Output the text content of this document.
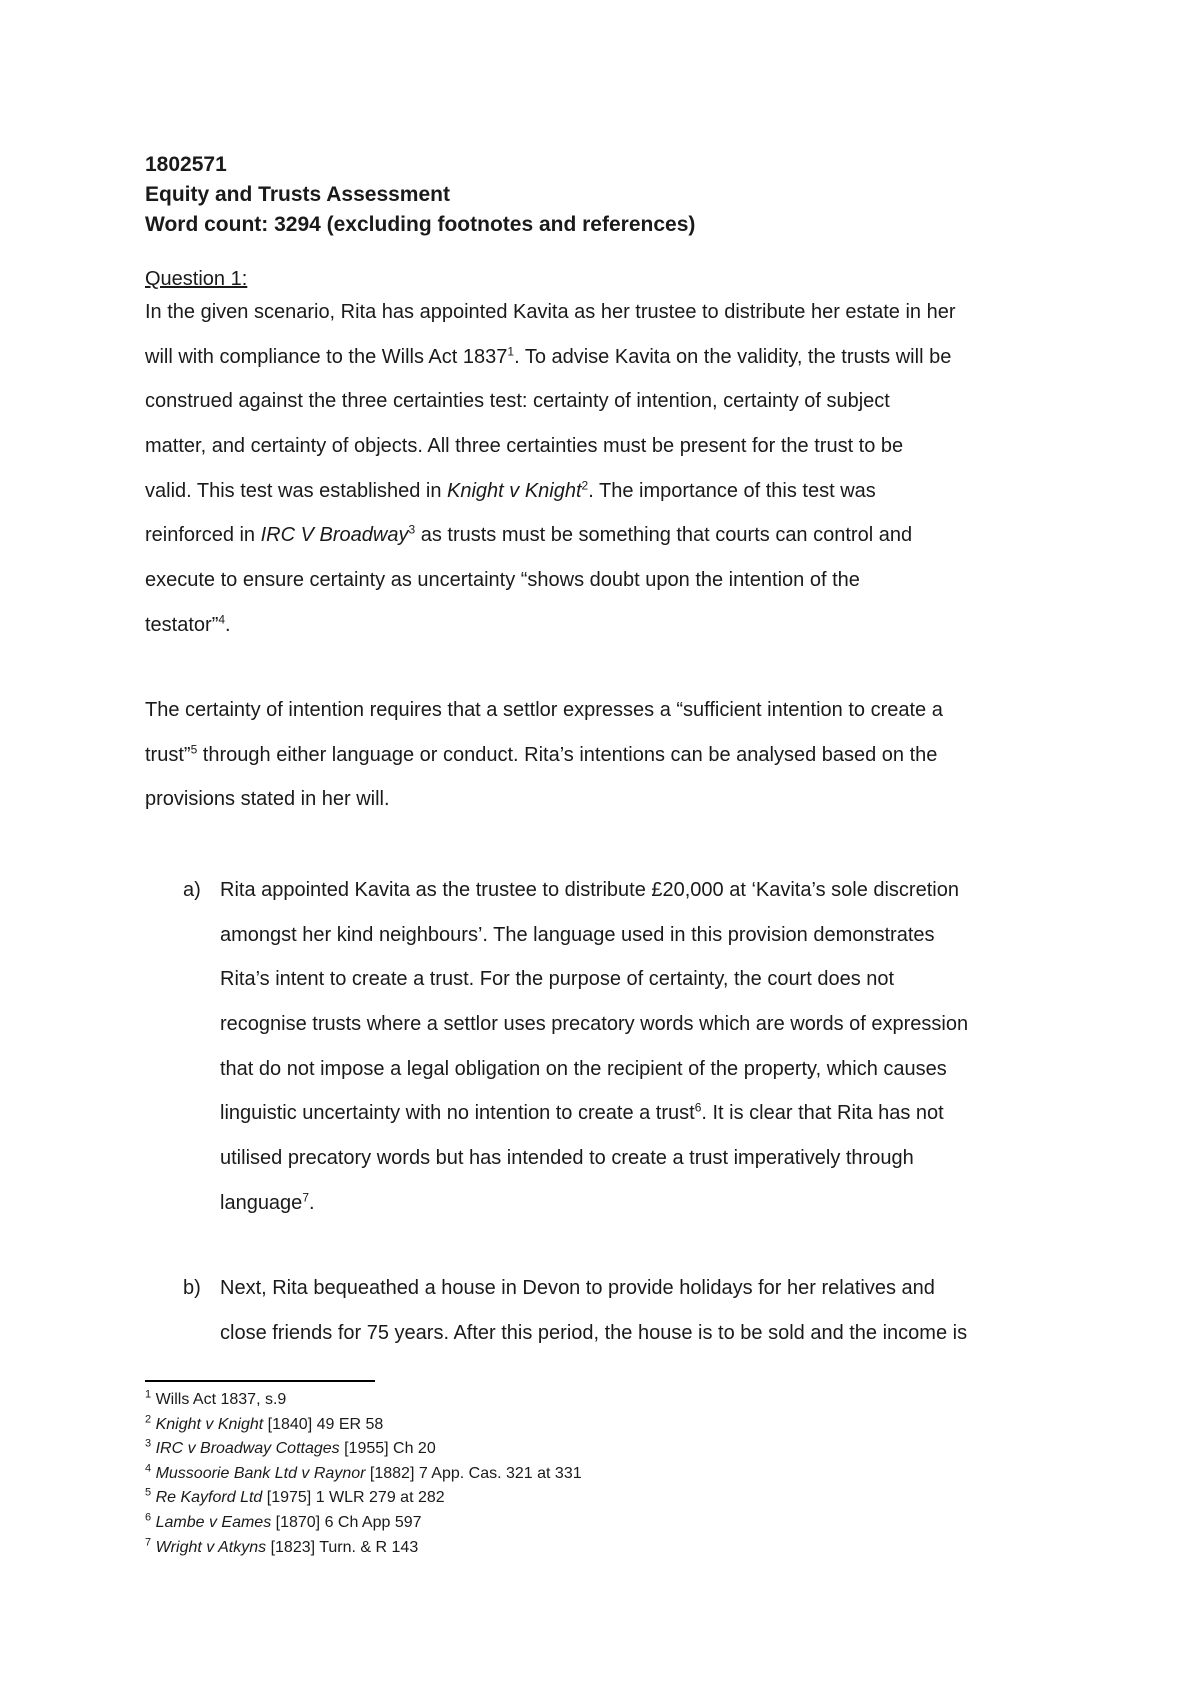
1802571
Equity and Trusts Assessment
Word count: 3294 (excluding footnotes and references)
Question 1:
In the given scenario, Rita has appointed Kavita as her trustee to distribute her estate in her
will with compliance to the Wills Act 1837$^1$. To advise Kavita on the validity, the trusts will be
construed against the three certainties test: certainty of intention, certainty of subject
matter, and certainty of objects. All three certainties must be present for the trust to be
valid. This test was established in Knight v Knight$^2$. The importance of this test was
reinforced in IRC V Broadway$^3$ as trusts must be something that courts can control and
execute to ensure certainty as uncertainty “shows doubt upon the intention of the
testator”$^4$.
The certainty of intention requires that a settlor expresses a “sufficient intention to create a
trust”$^5$ through either language or conduct. Rita’s intentions can be analysed based on the
provisions stated in her will.
a) Rita appointed Kavita as the trustee to distribute £20,000 at ‘Kavita’s sole discretion
amongst her kind neighbours’. The language used in this provision demonstrates
Rita’s intent to create a trust. For the purpose of certainty, the court does not
recognise trusts where a settlor uses precatory words which are words of expression
that do not impose a legal obligation on the recipient of the property, which causes
linguistic uncertainty with no intention to create a trust$^6$. It is clear that Rita has not
utilised precatory words but has intended to create a trust imperatively through
language$^7$.
b) Next, Rita bequeathed a house in Devon to provide holidays for her relatives and
close friends for 75 years. After this period, the house is to be sold and the income is
$^1$ Wills Act 1837, s.9
$^2$ Knight v Knight [1840] 49 ER 58
$^3$ IRC v Broadway Cottages [1955] Ch 20
$^4$ Mussoorie Bank Ltd v Raynor [1882] 7 App. Cas. 321 at 331
$^5$ Re Kayford Ltd [1975] 1 WLR 279 at 282
$^6$ Lambe v Eames [1870] 6 Ch App 597
$^7$ Wright v Atkyns [1823] Turn. & R 143
